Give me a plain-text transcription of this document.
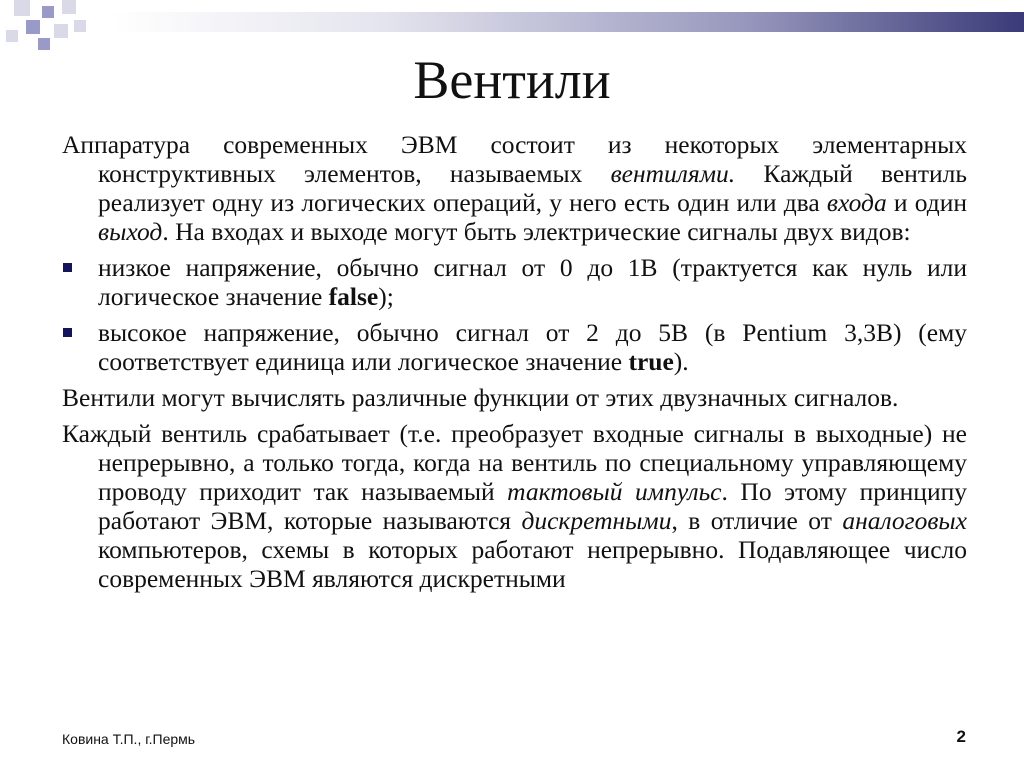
Вентили

Аппаратура современных ЭВМ состоит из некоторых элементарных конструктивных элементов, называемых вентилями. Каждый вентиль реализует одну из логических операций, у него есть один или два входа и один выход. На входах и выходе могут быть электрические сигналы двух видов:

низкое напряжение, обычно сигнал от 0 до 1В (трактуется как нуль или логическое значение false);
высокое напряжение, обычно сигнал от 2 до 5В (в Pentium 3,3В) (ему соответствует единица или логическое значение true).

Вентили могут вычислять различные функции от этих двузначных сигналов.

Каждый вентиль срабатывает (т.е. преобразует входные сигналы в выходные) не непрерывно, а только тогда, когда на вентиль по специальному управляющему проводу приходит так называемый тактовый импульс. По этому принципу работают ЭВМ, которые называются дискретными, в отличие от аналоговых компьютеров, схемы в которых работают непрерывно. Подавляющее число современных ЭВМ являются дискретными

Ковина Т.П., г.Пермь	2
